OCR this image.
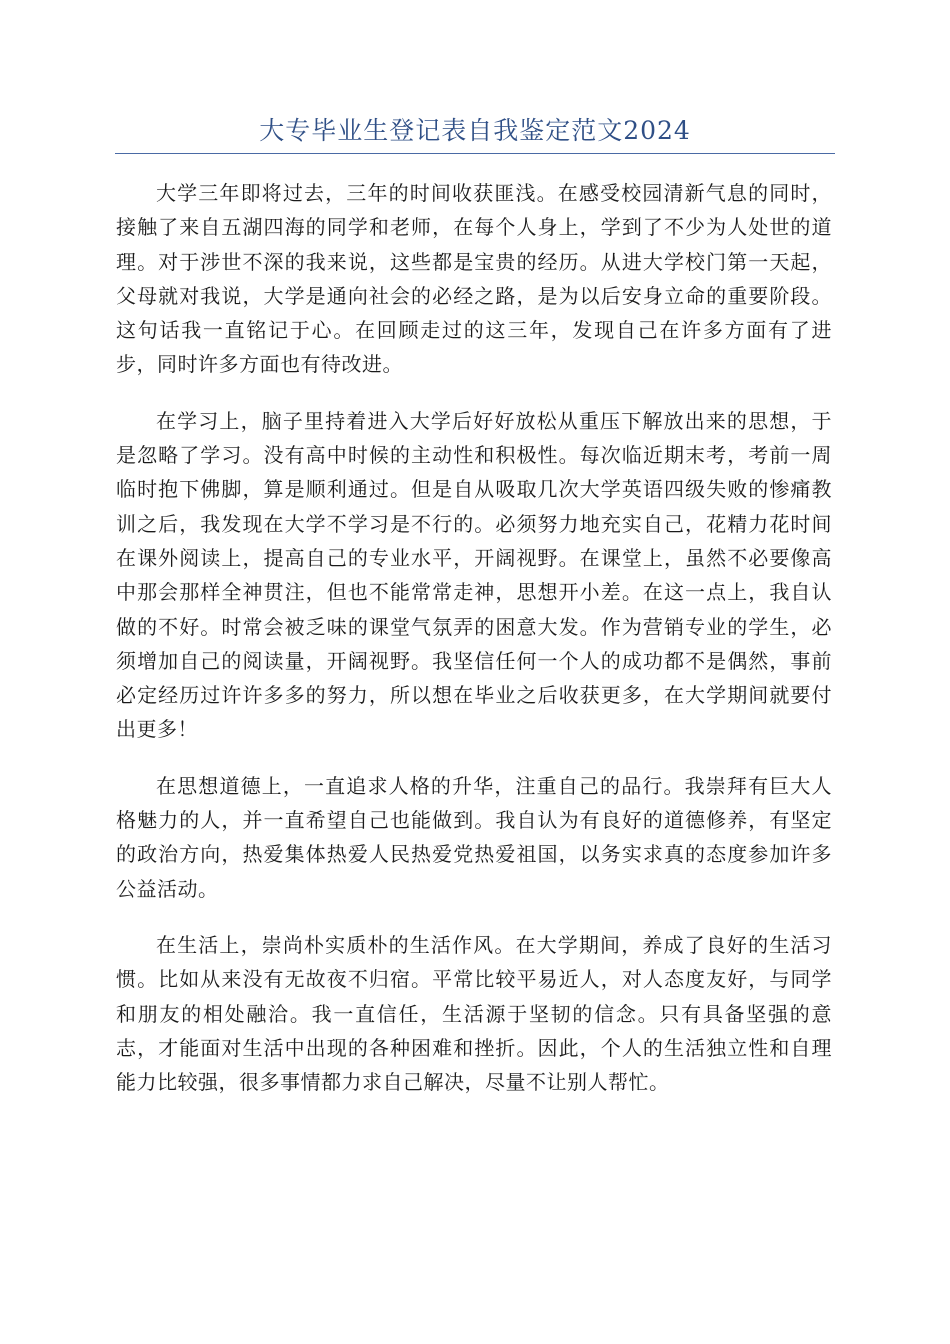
大专毕业生登记表自我鉴定范文2024

大学三年即将过去，三年的时间收获匪浅。在感受校园清新气息的同时，接触了来自五湖四海的同学和老师，在每个人身上，学到了不少为人处世的道理。对于涉世不深的我来说，这些都是宝贵的经历。从进大学校门第一天起，父母就对我说，大学是通向社会的必经之路，是为以后安身立命的重要阶段。这句话我一直铭记于心。在回顾走过的这三年，发现自己在许多方面有了进步，同时许多方面也有待改进。

在学习上，脑子里持着进入大学后好好放松从重压下解放出来的思想，于是忽略了学习。没有高中时候的主动性和积极性。每次临近期末考，考前一周临时抱下佛脚，算是顺利通过。但是自从吸取几次大学英语四级失败的惨痛教训之后，我发现在大学不学习是不行的。必须努力地充实自己，花精力花时间在课外阅读上，提高自己的专业水平，开阔视野。在课堂上，虽然不必要像高中那会那样全神贯注，但也不能常常走神，思想开小差。在这一点上，我自认做的不好。时常会被乏味的课堂气氛弄的困意大发。作为营销专业的学生，必须增加自己的阅读量，开阔视野。我坚信任何一个人的成功都不是偶然，事前必定经历过许许多多的努力，所以想在毕业之后收获更多，在大学期间就要付出更多！

在思想道德上，一直追求人格的升华，注重自己的品行。我崇拜有巨大人格魅力的人，并一直希望自己也能做到。我自认为有良好的道德修养，有坚定的政治方向，热爱集体热爱人民热爱党热爱祖国，以务实求真的态度参加许多公益活动。

在生活上，崇尚朴实质朴的生活作风。在大学期间，养成了良好的生活习惯。比如从来没有无故夜不归宿。平常比较平易近人，对人态度友好，与同学和朋友的相处融洽。我一直信任，生活源于坚韧的信念。只有具备坚强的意志，才能面对生活中出现的各种困难和挫折。因此，个人的生活独立性和自理能力比较强，很多事情都力求自己解决，尽量不让别人帮忙。
